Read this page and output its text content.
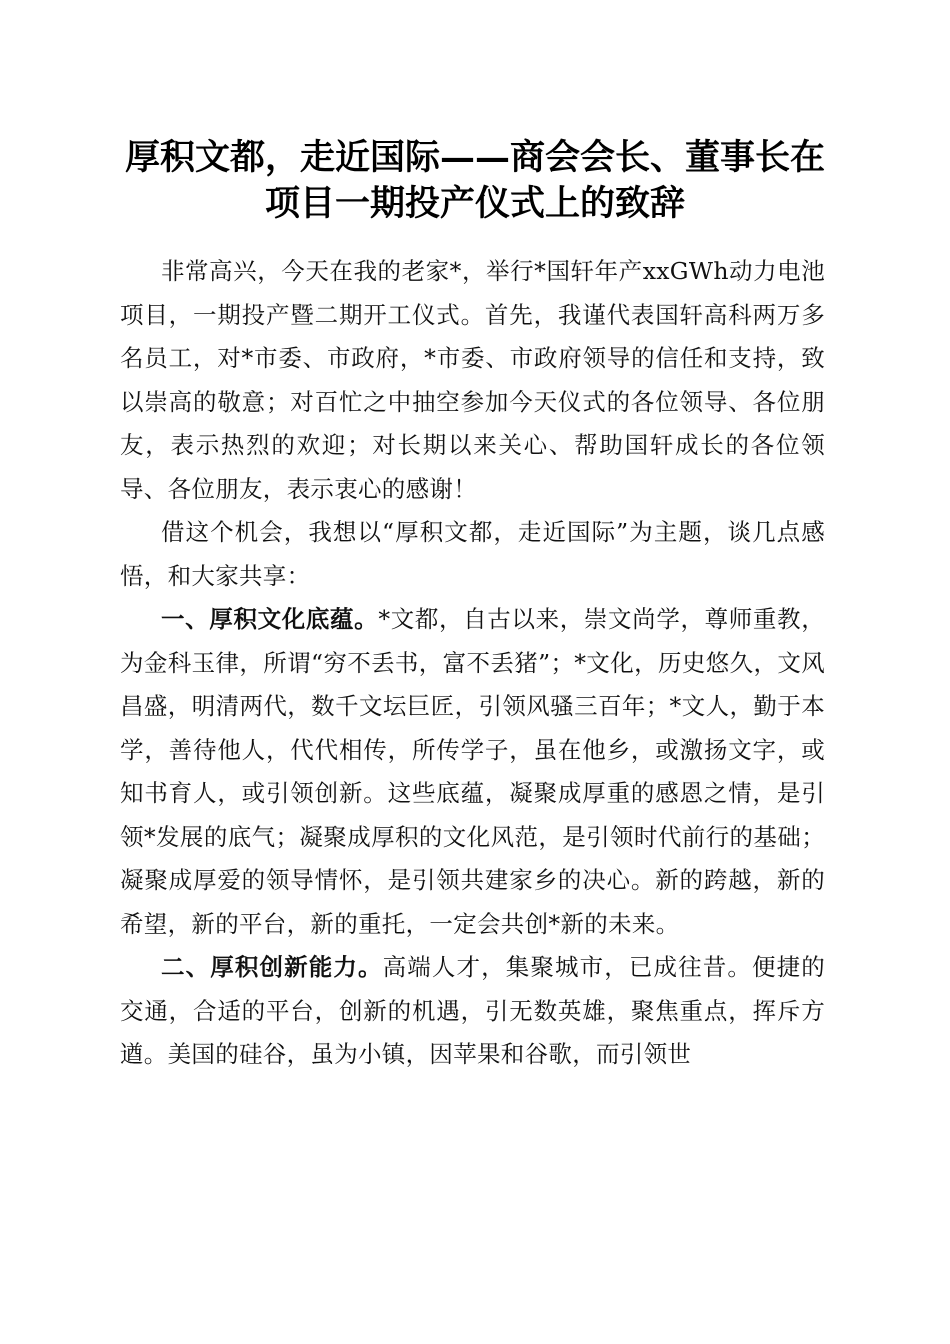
厚积文都，走近国际——商会会长、董事长在
项目一期投产仪式上的致辞

非常高兴，今天在我的老家*，举行*国轩年产xxGWh动力电池项目，一期投产暨二期开工仪式。首先，我谨代表国轩高科两万多名员工，对*市委、市政府，*市委、市政府领导的信任和支持，致以崇高的敬意；对百忙之中抽空参加今天仪式的各位领导、各位朋友，表示热烈的欢迎；对长期以来关心、帮助国轩成长的各位领导、各位朋友，表示衷心的感谢！

借这个机会，我想以“厚积文都，走近国际”为主题，谈几点感悟，和大家共享：

一、厚积文化底蕴。*文都，自古以来，崇文尚学，尊师重教，为金科玉律，所谓“穷不丢书，富不丢猪”；*文化，历史悠久，文风昌盛，明清两代，数千文坛巨匠，引领风骚三百年；*文人，勤于本学，善待他人，代代相传，所传学子，虽在他乡，或激扬文字，或知书育人，或引领创新。这些底蕴，凝聚成厚重的感恩之情，是引领*发展的底气；凝聚成厚积的文化风范，是引领时代前行的基础；凝聚成厚爱的领导情怀，是引领共建家乡的决心。新的跨越，新的希望，新的平台，新的重托，一定会共创*新的未来。

二、厚积创新能力。高端人才，集聚城市，已成往昔。便捷的交通，合适的平台，创新的机遇，引无数英雄，聚焦重点，挥斥方遒。美国的硅谷，虽为小镇，因苹果和谷歌，而引领世
